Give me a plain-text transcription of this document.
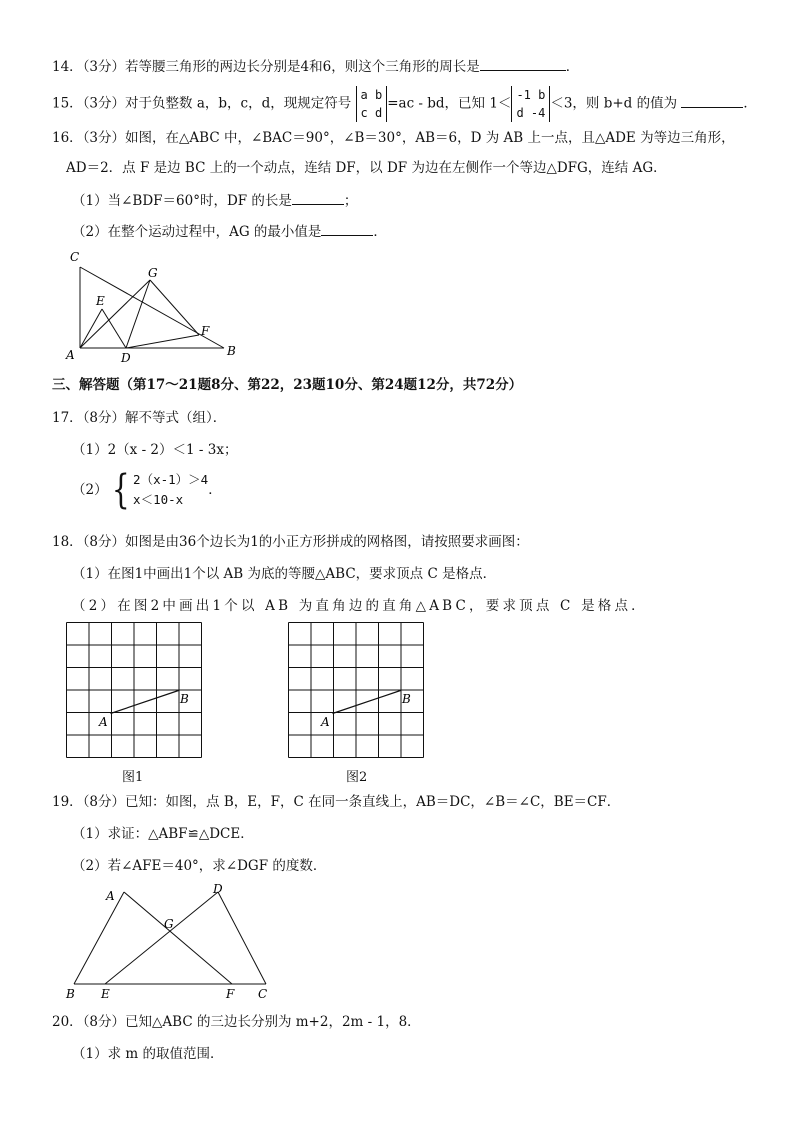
14．（3分）若等腰三角形的两边长分别是4和6，则这个三角形的周长是	．
15．（3分）对于负整数 a，b，c，d，现规定符号
a b
c d
=ac - bd，已知 1＜
-1 b
d -4
＜3，则 b+d 的值为	．
16．（3分）如图，在△ABC 中，∠BAC＝90°，∠B＝30°，AB＝6，D 为 AB 上一点，且△ADE 为等边三角形，
AD＝2．点 F 是边 BC 上的一个动点，连结 DF，以 DF 为边在左侧作一个等边△DFG，连结 AG．
（1）当∠BDF＝60°时，DF 的长是	；
（2）在整个运动过程中，AG 的最小值是	．
C
G
E
F
A	D	B
三、解答题（第17～21题8分、第22，23题10分、第24题12分，共72分）
17．（8分）解不等式（组）．
（1）2（x - 2）＜1 - 3x；
（2）{ 2（x-1）＞4
x＜10-x
．
18．（8分）如图是由36个边长为1的小正方形拼成的网格图，请按照要求画图：
（1）在图1中画出1个以 AB 为底的等腰△ABC，要求顶点 C 是格点．
（2）在图2中画出1个以 AB 为直角边的直角△ABC，要求顶点 C 是格点．
A
B
图1
A
B
图2
19．（8分）已知：如图，点 B，E，F，C 在同一条直线上，AB＝DC，∠B＝∠C，BE＝CF．
（1）求证：△ABF≌△DCE．
（2）若∠AFE＝40°，求∠DGF 的度数．
A	D
G
B E	F C
20．（8分）已知△ABC 的三边长分别为 m+2，2m - 1，8．
（1）求 m 的取值范围．
